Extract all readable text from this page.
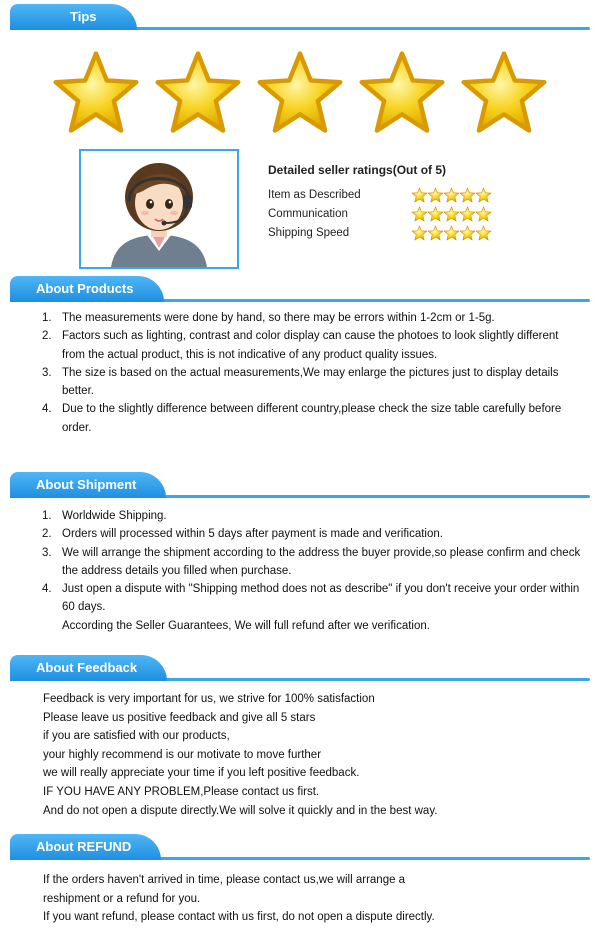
Tips
Detailed seller ratings(Out of 5)
Item as Described
Communication
Shipping Speed
About Products
1. The measurements were done by hand, so there may be errors within 1-2cm or 1-5g.
2. Factors such as lighting, contrast and color display can cause the photoes to look slightly different from the actual product, this is not indicative of any product quality issues.
3. The size is based on the actual measurements,We may enlarge the pictures just to display details better.
4. Due to the slightly difference between different country,please check the size table carefully before order.
About Shipment
1. Worldwide Shipping.
2. Orders will processed within 5 days after payment is made and verification.
3. We will arrange the shipment according to the address the buyer provide,so please confirm and check the address details you filled when purchase.
4. Just open a dispute with "Shipping method does not as describe" if you don't receive your order within 60 days.
According the Seller Guarantees, We will full refund after we verification.
About Feedback
Feedback is very important for us, we strive for 100% satisfaction
Please leave us positive feedback and give all 5 stars
if you are satisfied with our products,
your highly recommend is our motivate to move further
we will really appreciate your time if you left positive feedback.
IF YOU HAVE ANY PROBLEM,Please contact us first.
And do not open a dispute directly.We will solve it quickly and in the best way.
About REFUND
If the orders haven't arrived in time, please contact us,we will arrange a
reshipment or a refund for you.
If you want refund, please contact with us first, do not open a dispute directly.
